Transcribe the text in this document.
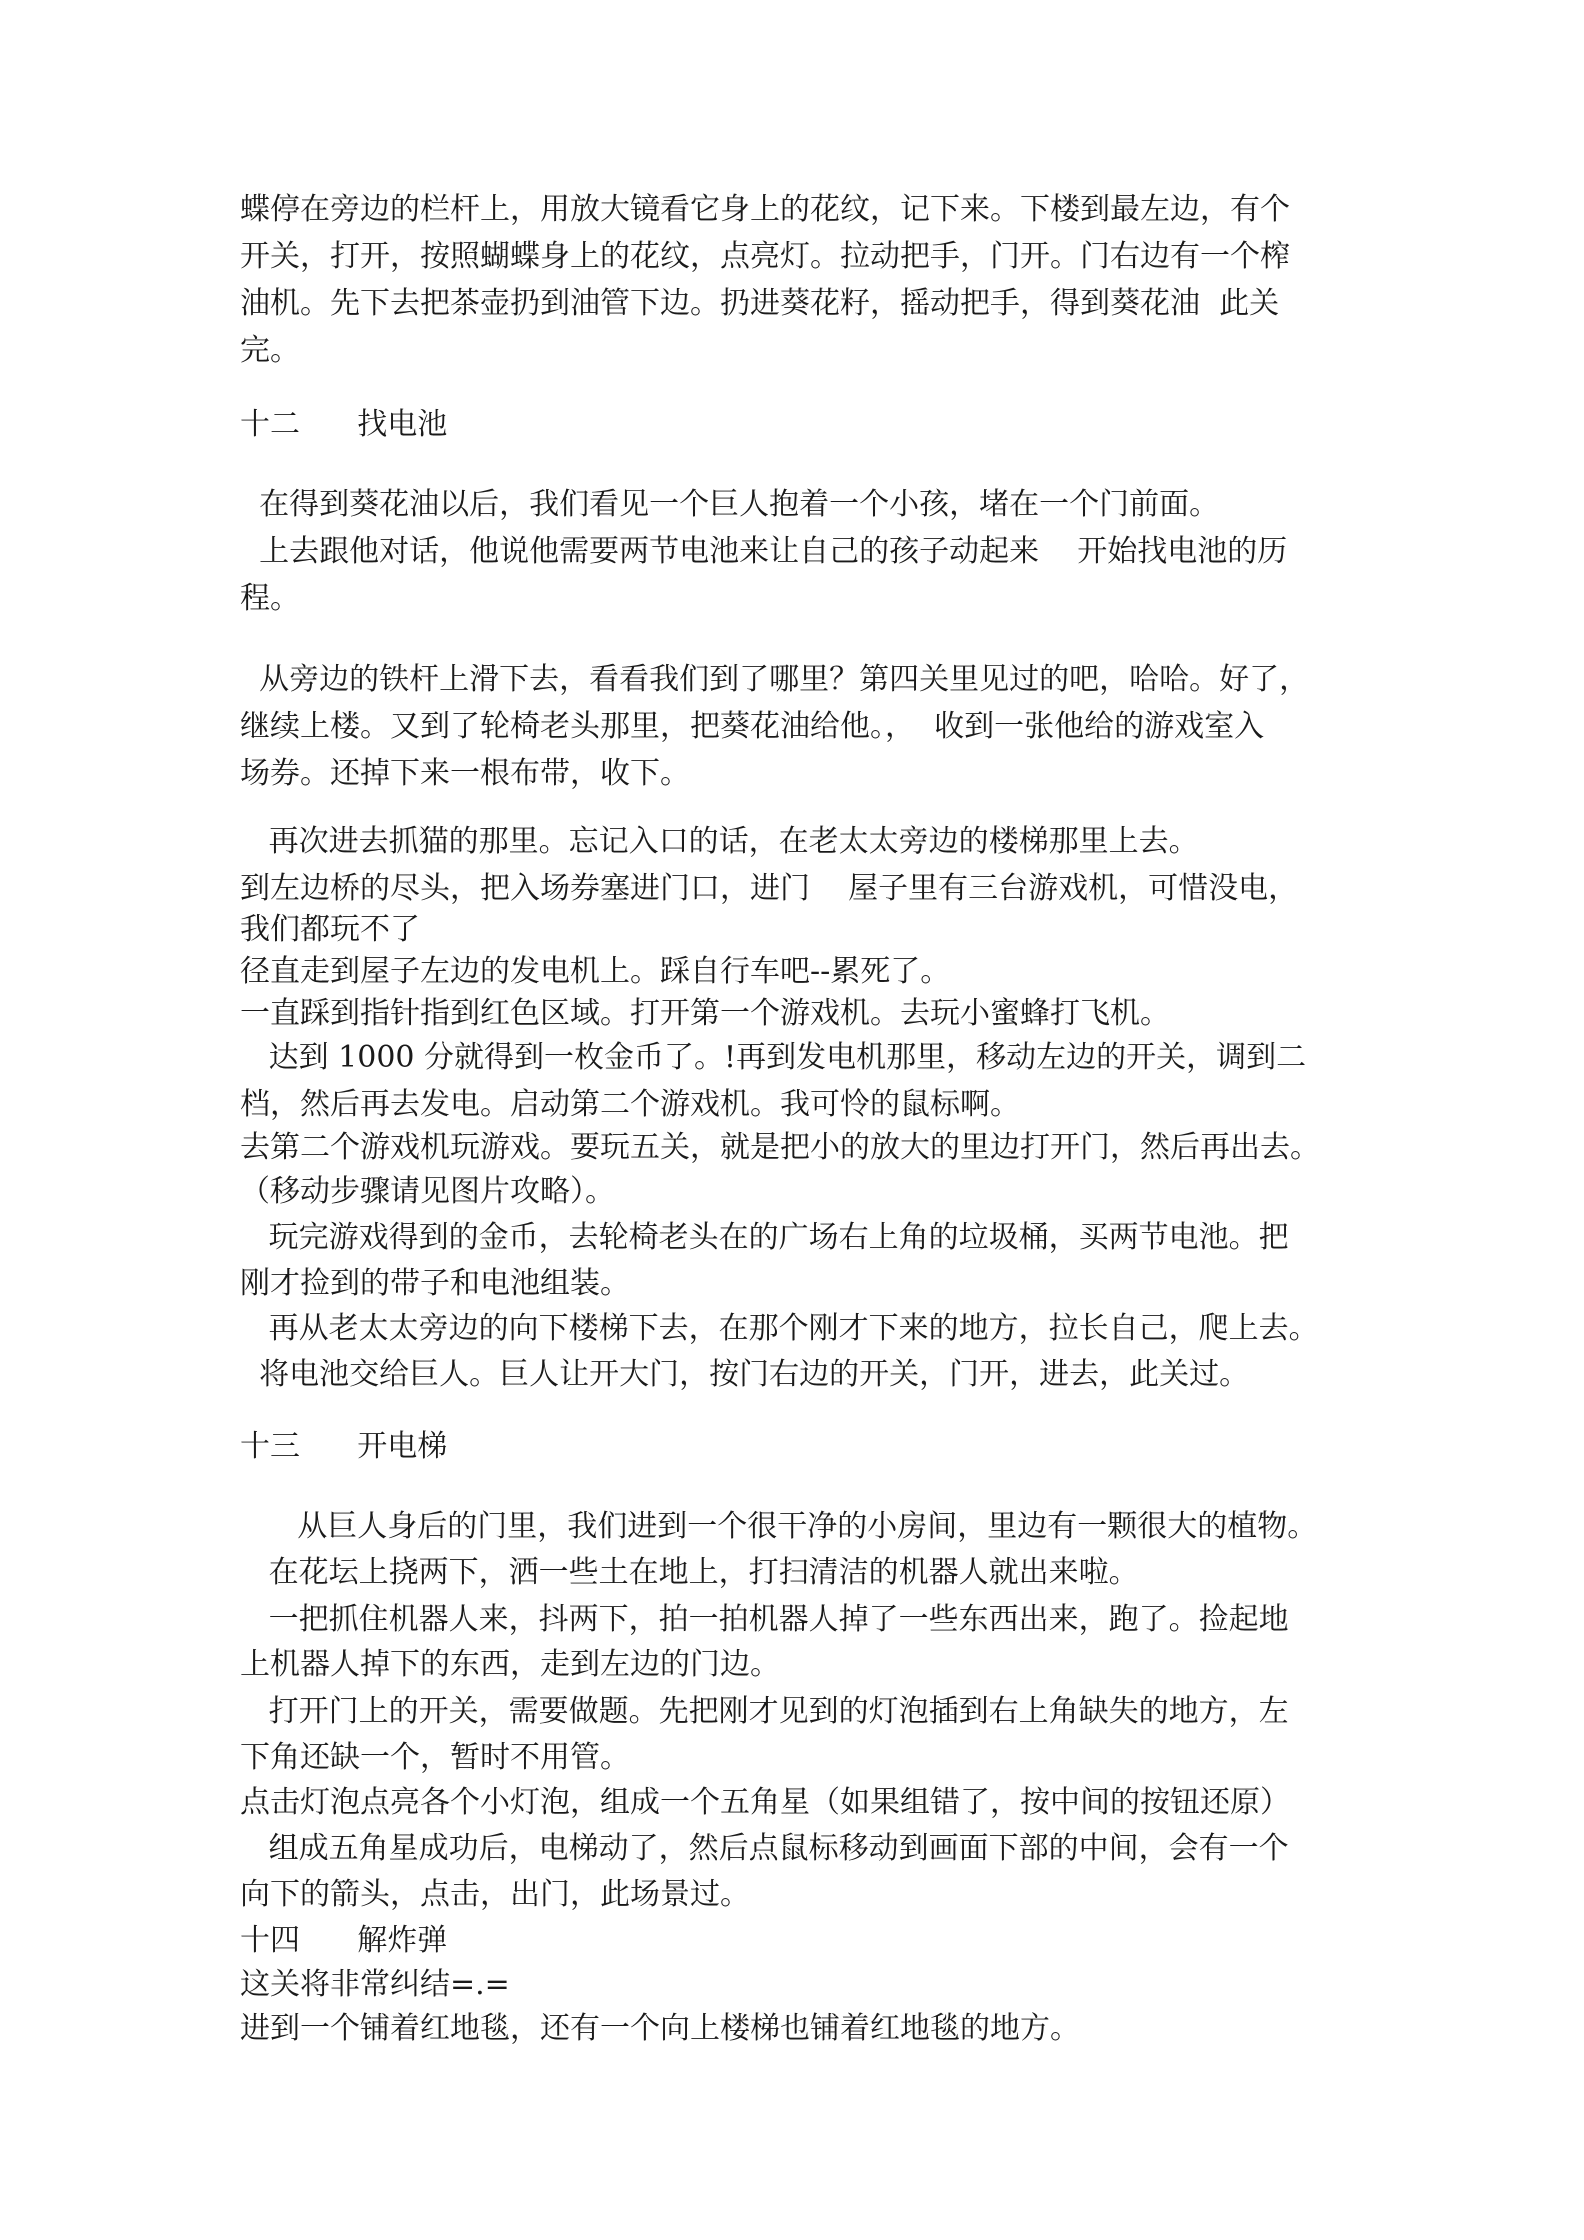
蝶停在旁边的栏杆上，用放大镜看它身上的花纹，记下来。下楼到最左边，有个
开关，打开，按照蝴蝶身上的花纹，点亮灯。拉动把手，门开。门右边有一个榨
油机。先下去把茶壶扔到油管下边。扔进葵花籽，摇动把手，得到葵花油  此关
完。
十二      找电池
在得到葵花油以后，我们看见一个巨人抱着一个小孩，堵在一个门前面。
上去跟他对话，他说他需要两节电池来让自己的孩子动起来    开始找电池的历
程。
从旁边的铁杆上滑下去，看看我们到了哪里？第四关里见过的吧，哈哈。好了，
继续上楼。又到了轮椅老头那里，把葵花油给他。，  收到一张他给的游戏室入
场券。还掉下来一根布带，收下。
再次进去抓猫的那里。忘记入口的话，在老太太旁边的楼梯那里上去。
到左边桥的尽头，把入场券塞进门口，进门    屋子里有三台游戏机，可惜没电，
我们都玩不了
径直走到屋子左边的发电机上。踩自行车吧--累死了。
一直踩到指针指到红色区域。打开第一个游戏机。去玩小蜜蜂打飞机。
达到 1000 分就得到一枚金币了。!再到发电机那里，移动左边的开关，调到二
档，然后再去发电。启动第二个游戏机。我可怜的鼠标啊。
去第二个游戏机玩游戏。要玩五关，就是把小的放大的里边打开门，然后再出去。
（移动步骤请见图片攻略）。
玩完游戏得到的金币，去轮椅老头在的广场右上角的垃圾桶，买两节电池。把
刚才捡到的带子和电池组装。
再从老太太旁边的向下楼梯下去，在那个刚才下来的地方，拉长自己，爬上去。
将电池交给巨人。巨人让开大门，按门右边的开关，门开，进去，此关过。
十三      开电梯
从巨人身后的门里，我们进到一个很干净的小房间，里边有一颗很大的植物。
在花坛上挠两下，洒一些土在地上，打扫清洁的机器人就出来啦。
一把抓住机器人来，抖两下，拍一拍机器人掉了一些东西出来，跑了。捡起地
上机器人掉下的东西，走到左边的门边。
打开门上的开关，需要做题。先把刚才见到的灯泡插到右上角缺失的地方，左
下角还缺一个，暂时不用管。
点击灯泡点亮各个小灯泡，组成一个五角星（如果组错了，按中间的按钮还原）
组成五角星成功后，电梯动了，然后点鼠标移动到画面下部的中间，会有一个
向下的箭头，点击，出门，此场景过。
十四      解炸弹
这关将非常纠结=.=
进到一个铺着红地毯，还有一个向上楼梯也铺着红地毯的地方。
